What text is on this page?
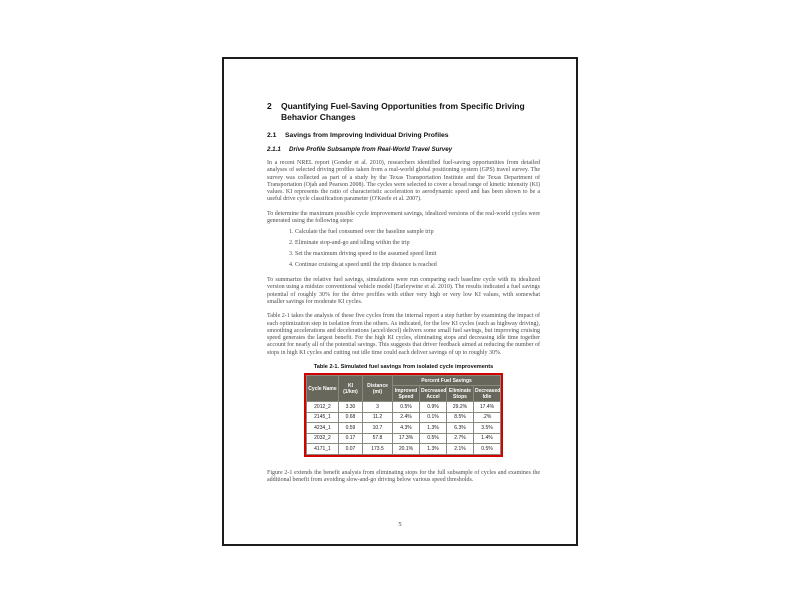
2	Quantifying Fuel-Saving Opportunities from Specific Driving Behavior Changes
2.1	Savings from Improving Individual Driving Profiles
2.1.1	Drive Profile Subsample from Real-World Travel Survey

In a recent NREL report (Gonder et al. 2010), researchers identified fuel-saving opportunities from detailed analyses of selected driving profiles taken from a real-world global positioning system (GPS) travel survey. The survey was collected as part of a study by the Texas Transportation Institute and the Texas Department of Transportation (Ojah and Pearson 2008). The cycles were selected to cover a broad range of kinetic intensity (KI) values. KI represents the ratio of characteristic acceleration to aerodynamic speed and has been shown to be a useful drive cycle classification parameter (O'Keefe et al. 2007).

To determine the maximum possible cycle improvement savings, idealized versions of the real-world cycles were generated using the following steps:

1. Calculate the fuel consumed over the baseline sample trip
2. Eliminate stop-and-go and idling within the trip
3. Set the maximum driving speed to the assumed speed limit
4. Continue cruising at speed until the trip distance is reached

To summarize the relative fuel savings, simulations were run comparing each baseline cycle with its idealized version using a midsize conventional vehicle model (Earleywine et al. 2010). The results indicated a fuel savings potential of roughly 30% for the drive profiles with either very high or very low KI values, with somewhat smaller savings for moderate KI cycles.

Table 2-1 takes the analysis of these five cycles from the internal report a step further by examining the impact of each optimization step in isolation from the others. As indicated, for the low KI cycles (such as highway driving), smoothing accelerations and decelerations (accel/decel) delivers some small fuel savings, but improving cruising speed generates the largest benefit. For the high KI cycles, eliminating stops and decreasing idle time together account for nearly all of the potential savings. This suggests that driver feedback aimed at reducing the number of stops in high KI cycles and cutting out idle time could each deliver savings of up to roughly 30%.

Table 2-1. Simulated fuel savings from isolated cycle improvements
Cycle Name	KI (1/km)	Distance (mi)	Percent Fuel Savings			
			Improved Speed	Decreased Accel	Eliminate Stops	Decreased Idle
2012_2	3.30	3	0.5%	0.9%	29.2%	17.4%
2145_1	0.68	11.2	2.4%	0.1%	8.5%	.2%
4234_1	0.59	10.7	4.3%	1.3%	6.3%	3.5%
2032_2	0.17	57.8	17.3%	0.5%	2.7%	1.4%
4171_1	0.07	173.5	20.1%	1.3%	2.1%	0.5%

Figure 2-1 extends the benefit analysis from eliminating stops for the full subsample of cycles and examines the additional benefit from avoiding slow-and-go driving below various speed thresholds.

5
